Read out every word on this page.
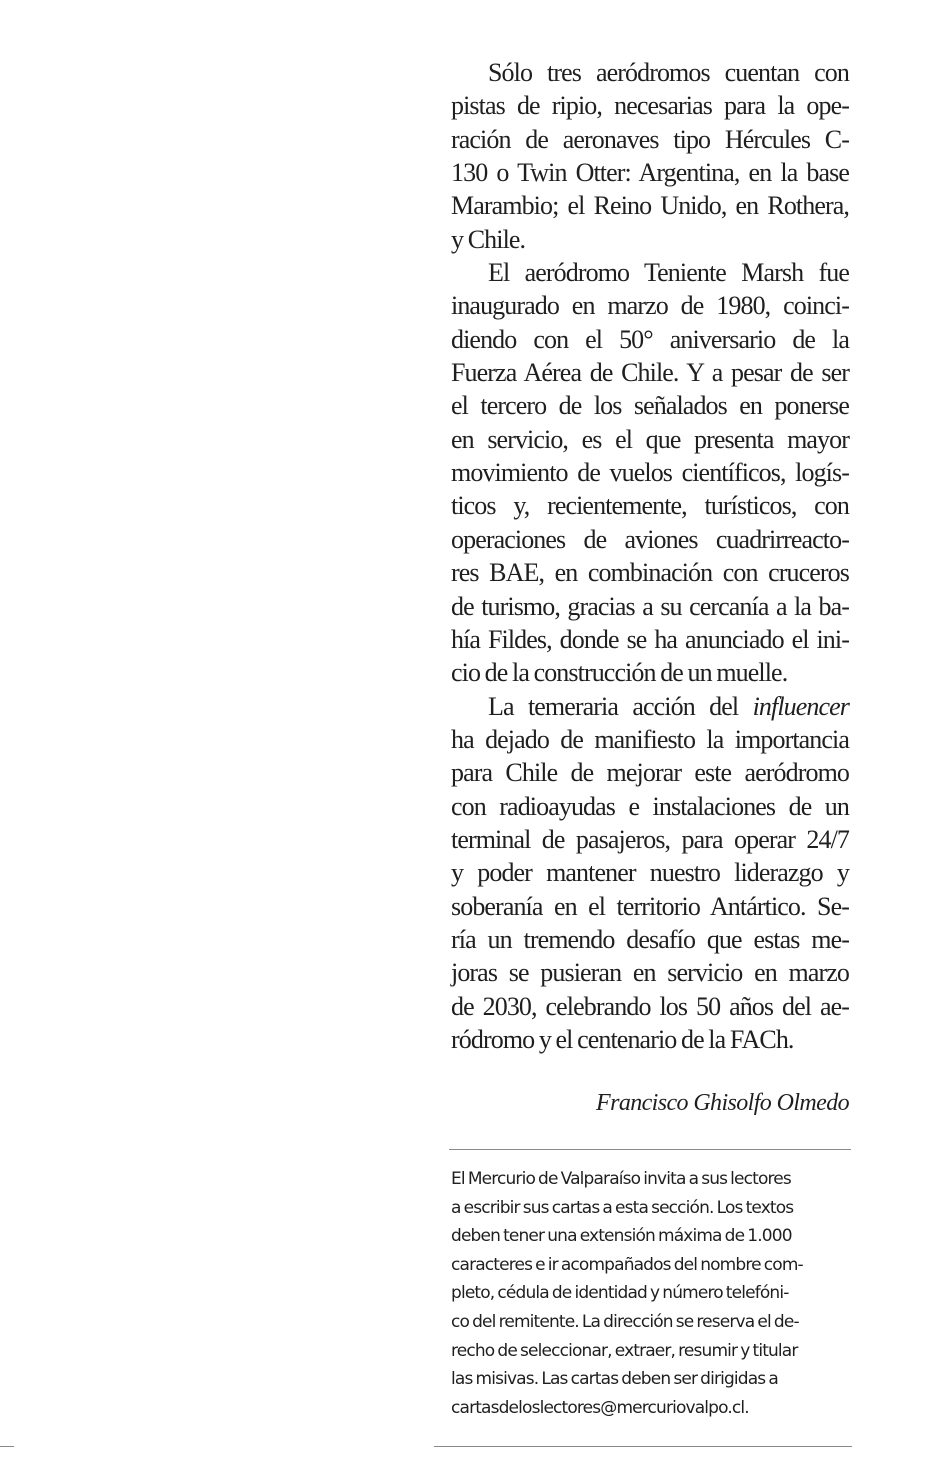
Sólo tres aeródromos cuentan con
pistas de ripio, necesarias para la ope-
ración de aeronaves tipo Hércules C-
130 o Twin Otter: Argentina, en la base
Marambio; el Reino Unido, en Rothera,
y Chile.
El aeródromo Teniente Marsh fue
inaugurado en marzo de 1980, coinci-
diendo con el 50° aniversario de la
Fuerza Aérea de Chile. Y a pesar de ser
el tercero de los señalados en ponerse
en servicio, es el que presenta mayor
movimiento de vuelos científicos, logís-
ticos y, recientemente, turísticos, con
operaciones de aviones cuadrirreacto-
res BAE, en combinación con cruceros
de turismo, gracias a su cercanía a la ba-
hía Fildes, donde se ha anunciado el ini-
cio de la construcción de un muelle.
La temeraria acción del influencer
ha dejado de manifiesto la importancia
para Chile de mejorar este aeródromo
con radioayudas e instalaciones de un
terminal de pasajeros, para operar 24/7
y poder mantener nuestro liderazgo y
soberanía en el territorio Antártico. Se-
ría un tremendo desafío que estas me-
joras se pusieran en servicio en marzo
de 2030, celebrando los 50 años del ae-
ródromo y el centenario de la FACh.
Francisco Ghisolfo Olmedo
El Mercurio de Valparaíso invita a sus lectores
a escribir sus cartas a esta sección. Los textos
deben tener una extensión máxima de 1.000
caracteres e ir acompañados del nombre com-
pleto, cédula de identidad y número telefóni-
co del remitente. La dirección se reserva el de-
recho de seleccionar, extraer, resumir y titular
las misivas. Las cartas deben ser dirigidas a
cartasdeloslectores@mercuriovalpo.cl.
